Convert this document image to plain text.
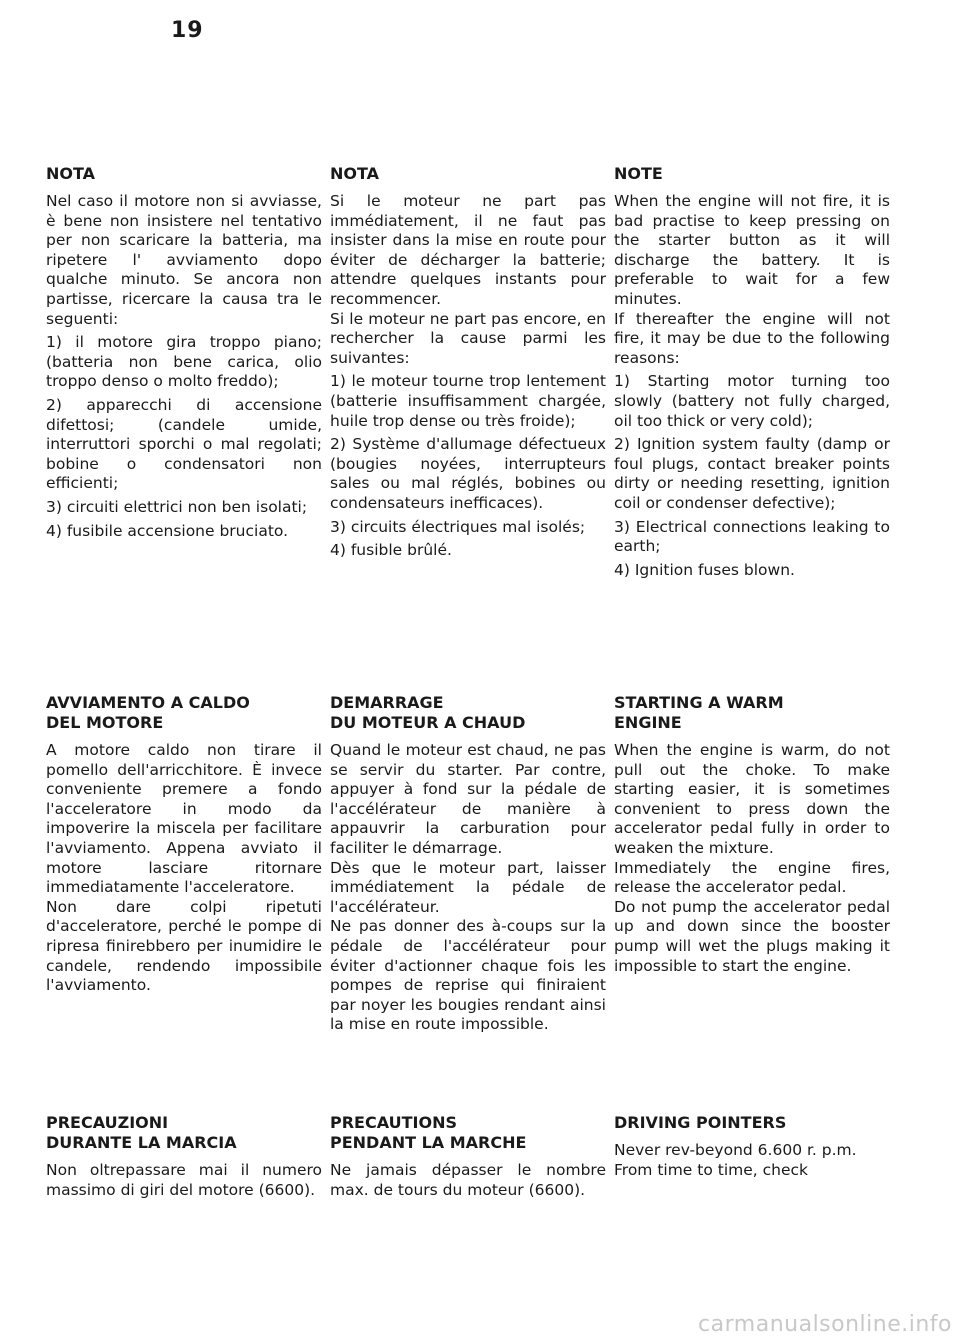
19
NOTA
Nel caso il motore non si avviasse, è bene non insistere nel tentativo per non scaricare la batteria, ma ripetere l' avviamento dopo qualche minuto. Se ancora non partisse, ricercare la causa tra le seguenti:
1) il motore gira troppo piano; (batteria non bene carica, olio troppo denso o molto freddo);
2) apparecchi di accensione difettosi; (candele umide, interruttori sporchi o mal regolati; bobine o condensatori non efficienti;
3) circuiti elettrici non ben isolati;
4) fusibile accensione bruciato.
NOTA
Si le moteur ne part pas immédiatement, il ne faut pas insister dans la mise en route pour éviter de décharger la batterie; attendre quelques instants pour recommencer.
Si le moteur ne part pas encore, en rechercher la cause parmi les suivantes:
1) le moteur tourne trop lentement (batterie insuffisamment chargée, huile trop dense ou très froide);
2) Système d'allumage défectueux (bougies noyées, interrupteurs sales ou mal réglés, bobines ou condensateurs inefficaces).
3) circuits électriques mal isolés;
4) fusible brûlé.
NOTE
When the engine will not fire, it is bad practise to keep pressing on the starter button as it will discharge the battery. It is preferable to wait for a few minutes.
If thereafter the engine will not fire, it may be due to the following reasons:
1) Starting motor turning too slowly (battery not fully charged, oil too thick or very cold);
2) Ignition system faulty (damp or foul plugs, contact breaker points dirty or needing resetting, ignition coil or condenser defective);
3) Electrical connections leaking to earth;
4) Ignition fuses blown.
AVVIAMENTO A CALDO
DEL MOTORE
A motore caldo non tirare il pomello dell'arricchitore. È invece conveniente premere a fondo l'acceleratore in modo da impoverire la miscela per facilitare l'avviamento. Appena avviato il motore lasciare ritornare immediatamente l'acceleratore.
Non dare colpi ripetuti d'acceleratore, perché le pompe di ripresa finirebbero per inumidire le candele, rendendo impossibile l'avviamento.
DEMARRAGE
DU MOTEUR A CHAUD
Quand le moteur est chaud, ne pas se servir du starter. Par contre, appuyer à fond sur la pédale de l'accélérateur de manière à appauvrir la carburation pour faciliter le démarrage.
Dès que le moteur part, laisser immédiatement la pédale de l'accélérateur.
Ne pas donner des à-coups sur la pédale de l'accélérateur pour éviter d'actionner chaque fois les pompes de reprise qui finiraient par noyer les bougies rendant ainsi la mise en route impossible.
STARTING A WARM
ENGINE
When the engine is warm, do not pull out the choke. To make starting easier, it is sometimes convenient to press down the accelerator pedal fully in order to weaken the mixture.
Immediately the engine fires, release the accelerator pedal.
Do not pump the accelerator pedal up and down since the booster pump will wet the plugs making it impossible to start the engine.
PRECAUZIONI
DURANTE LA MARCIA
Non oltrepassare mai il numero massimo di giri del motore (6600).
PRECAUTIONS
PENDANT LA MARCHE
Ne jamais dépasser le nombre max. de tours du moteur (6600).
DRIVING POINTERS
Never rev-beyond 6.600 r. p.m.
From time to time, check
carmanualsonline.info
